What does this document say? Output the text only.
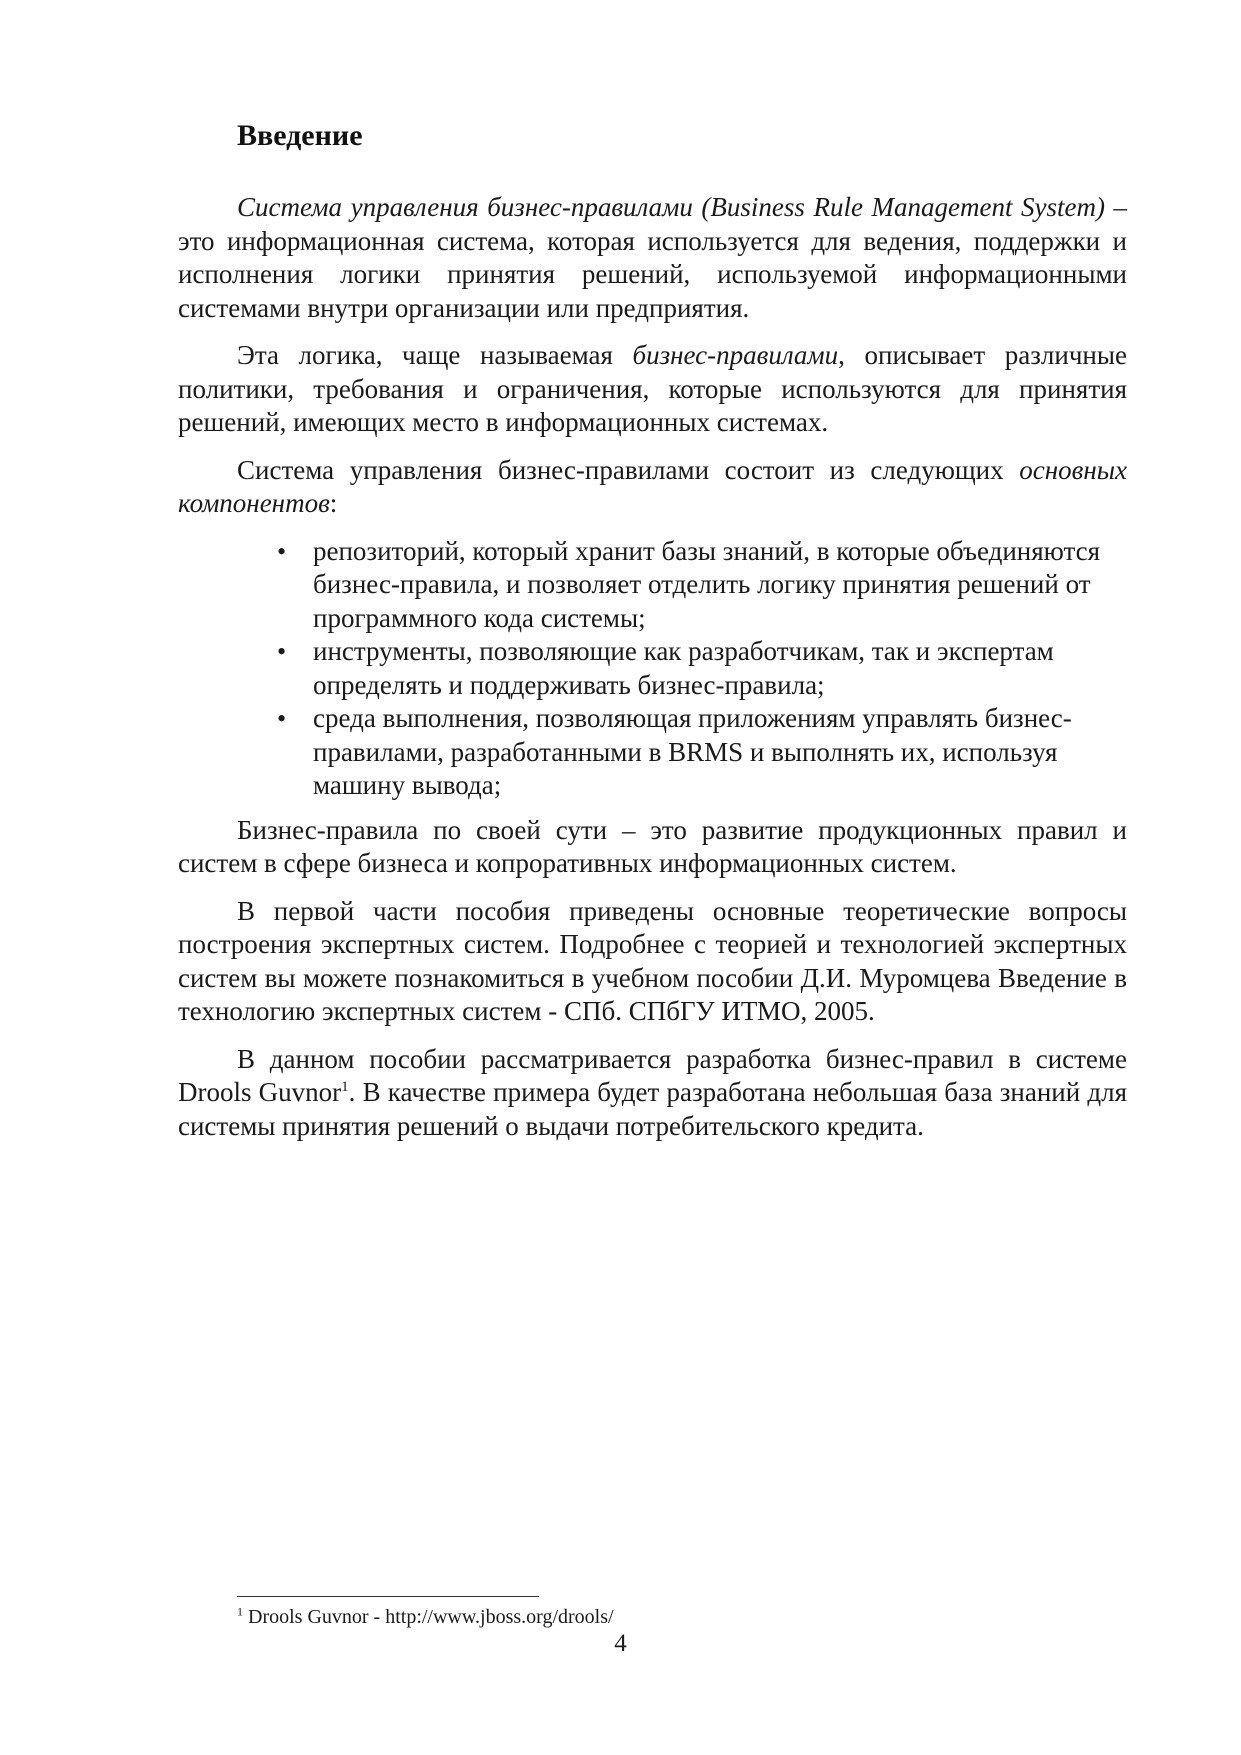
Введение

Система управления бизнес-правилами (Business Rule Management System) – это информационная система, которая используется для ведения, поддержки и исполнения логики принятия решений, используемой информационными системами внутри организации или предприятия.

Эта логика, чаще называемая бизнес-правилами, описывает различные политики, требования и ограничения, которые используются для принятия решений, имеющих место в информационных системах.

Система управления бизнес-правилами состоит из следующих основных компонентов:

• репозиторий, который хранит базы знаний, в которые объединяются бизнес-правила, и позволяет отделить логику принятия решений от программного кода системы;
• инструменты, позволяющие как разработчикам, так и экспертам определять и поддерживать бизнес-правила;
• среда выполнения, позволяющая приложениям управлять бизнес-правилами, разработанными в BRMS и выполнять их, используя машину вывода;

Бизнес-правила по своей сути – это развитие продукционных правил и систем в сфере бизнеса и копроративных информационных систем.

В первой части пособия приведены основные теоретические вопросы построения экспертных систем. Подробнее с теорией и технологией экспертных систем вы можете познакомиться в учебном пособии Д.И. Муромцева Введение в технологию экспертных систем - СПб. СПбГУ ИТМО, 2005.

В данном пособии рассматривается разработка бизнес-правил в системе Drools Guvnor$^1$. В качестве примера будет разработана небольшая база знаний для системы принятия решений о выдачи потребительского кредита.

$^1$ Drools Guvnor - http://www.jboss.org/drools/
4
